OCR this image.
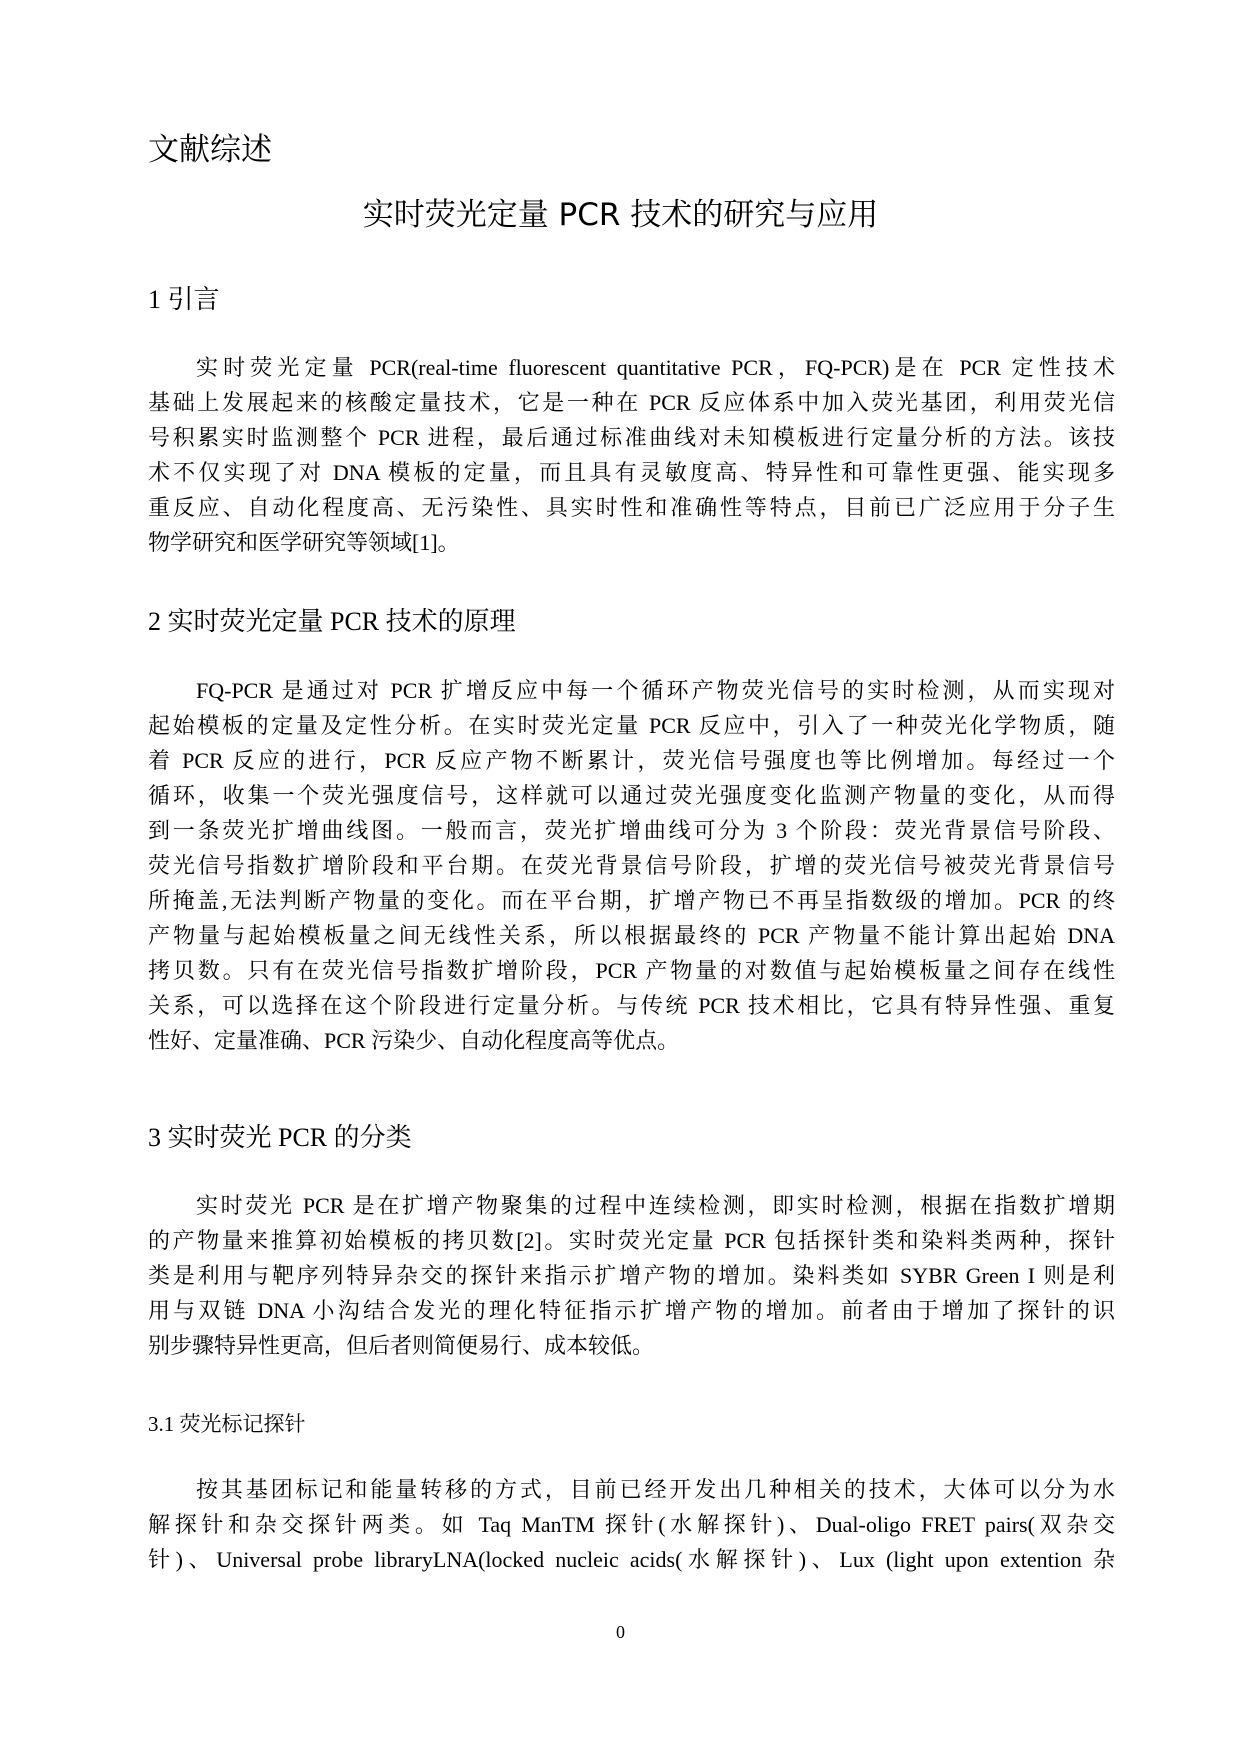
文献综述
实时荧光定量 PCR 技术的研究与应用
1 引言
实时荧光定量 PCR(real-time fluorescent quantitative PCR，FQ-PCR)是在 PCR 定性技术
基础上发展起来的核酸定量技术，它是一种在 PCR 反应体系中加入荧光基团，利用荧光信
号积累实时监测整个 PCR 进程，最后通过标准曲线对未知模板进行定量分析的方法。该技
术不仅实现了对 DNA 模板的定量，而且具有灵敏度高、特异性和可靠性更强、能实现多
重反应、自动化程度高、无污染性、具实时性和准确性等特点，目前已广泛应用于分子生
物学研究和医学研究等领域[1]。
2 实时荧光定量 PCR 技术的原理
FQ-PCR 是通过对 PCR 扩增反应中每一个循环产物荧光信号的实时检测，从而实现对
起始模板的定量及定性分析。在实时荧光定量 PCR 反应中，引入了一种荧光化学物质，随
着 PCR 反应的进行，PCR 反应产物不断累计，荧光信号强度也等比例增加。每经过一个
循环，收集一个荧光强度信号，这样就可以通过荧光强度变化监测产物量的变化，从而得
到一条荧光扩增曲线图。一般而言，荧光扩增曲线可分为 3 个阶段：荧光背景信号阶段、
荧光信号指数扩增阶段和平台期。在荧光背景信号阶段，扩增的荧光信号被荧光背景信号
所掩盖,无法判断产物量的变化。而在平台期，扩增产物已不再呈指数级的增加。PCR 的终
产物量与起始模板量之间无线性关系，所以根据最终的 PCR 产物量不能计算出起始 DNA
拷贝数。只有在荧光信号指数扩增阶段，PCR 产物量的对数值与起始模板量之间存在线性
关系，可以选择在这个阶段进行定量分析。与传统 PCR 技术相比，它具有特异性强、重复
性好、定量准确、PCR 污染少、自动化程度高等优点。
3 实时荧光 PCR 的分类
实时荧光 PCR 是在扩增产物聚集的过程中连续检测，即实时检测，根据在指数扩增期
的产物量来推算初始模板的拷贝数[2]。实时荧光定量 PCR 包括探针类和染料类两种，探针
类是利用与靶序列特异杂交的探针来指示扩增产物的增加。染料类如 SYBR Green I 则是利
用与双链 DNA 小沟结合发光的理化特征指示扩增产物的增加。前者由于增加了探针的识
别步骤特异性更高，但后者则简便易行、成本较低。
3.1 荧光标记探针
按其基团标记和能量转移的方式，目前已经开发出几种相关的技术，大体可以分为水
解探针和杂交探针两类。如 Taq ManTM 探针(水解探针)、Dual-oligo FRET pairs(双杂交
针)、Universal probe libraryLNA(locked nucleic acids(水解探针)、Lux (light upon extention 杂
0
